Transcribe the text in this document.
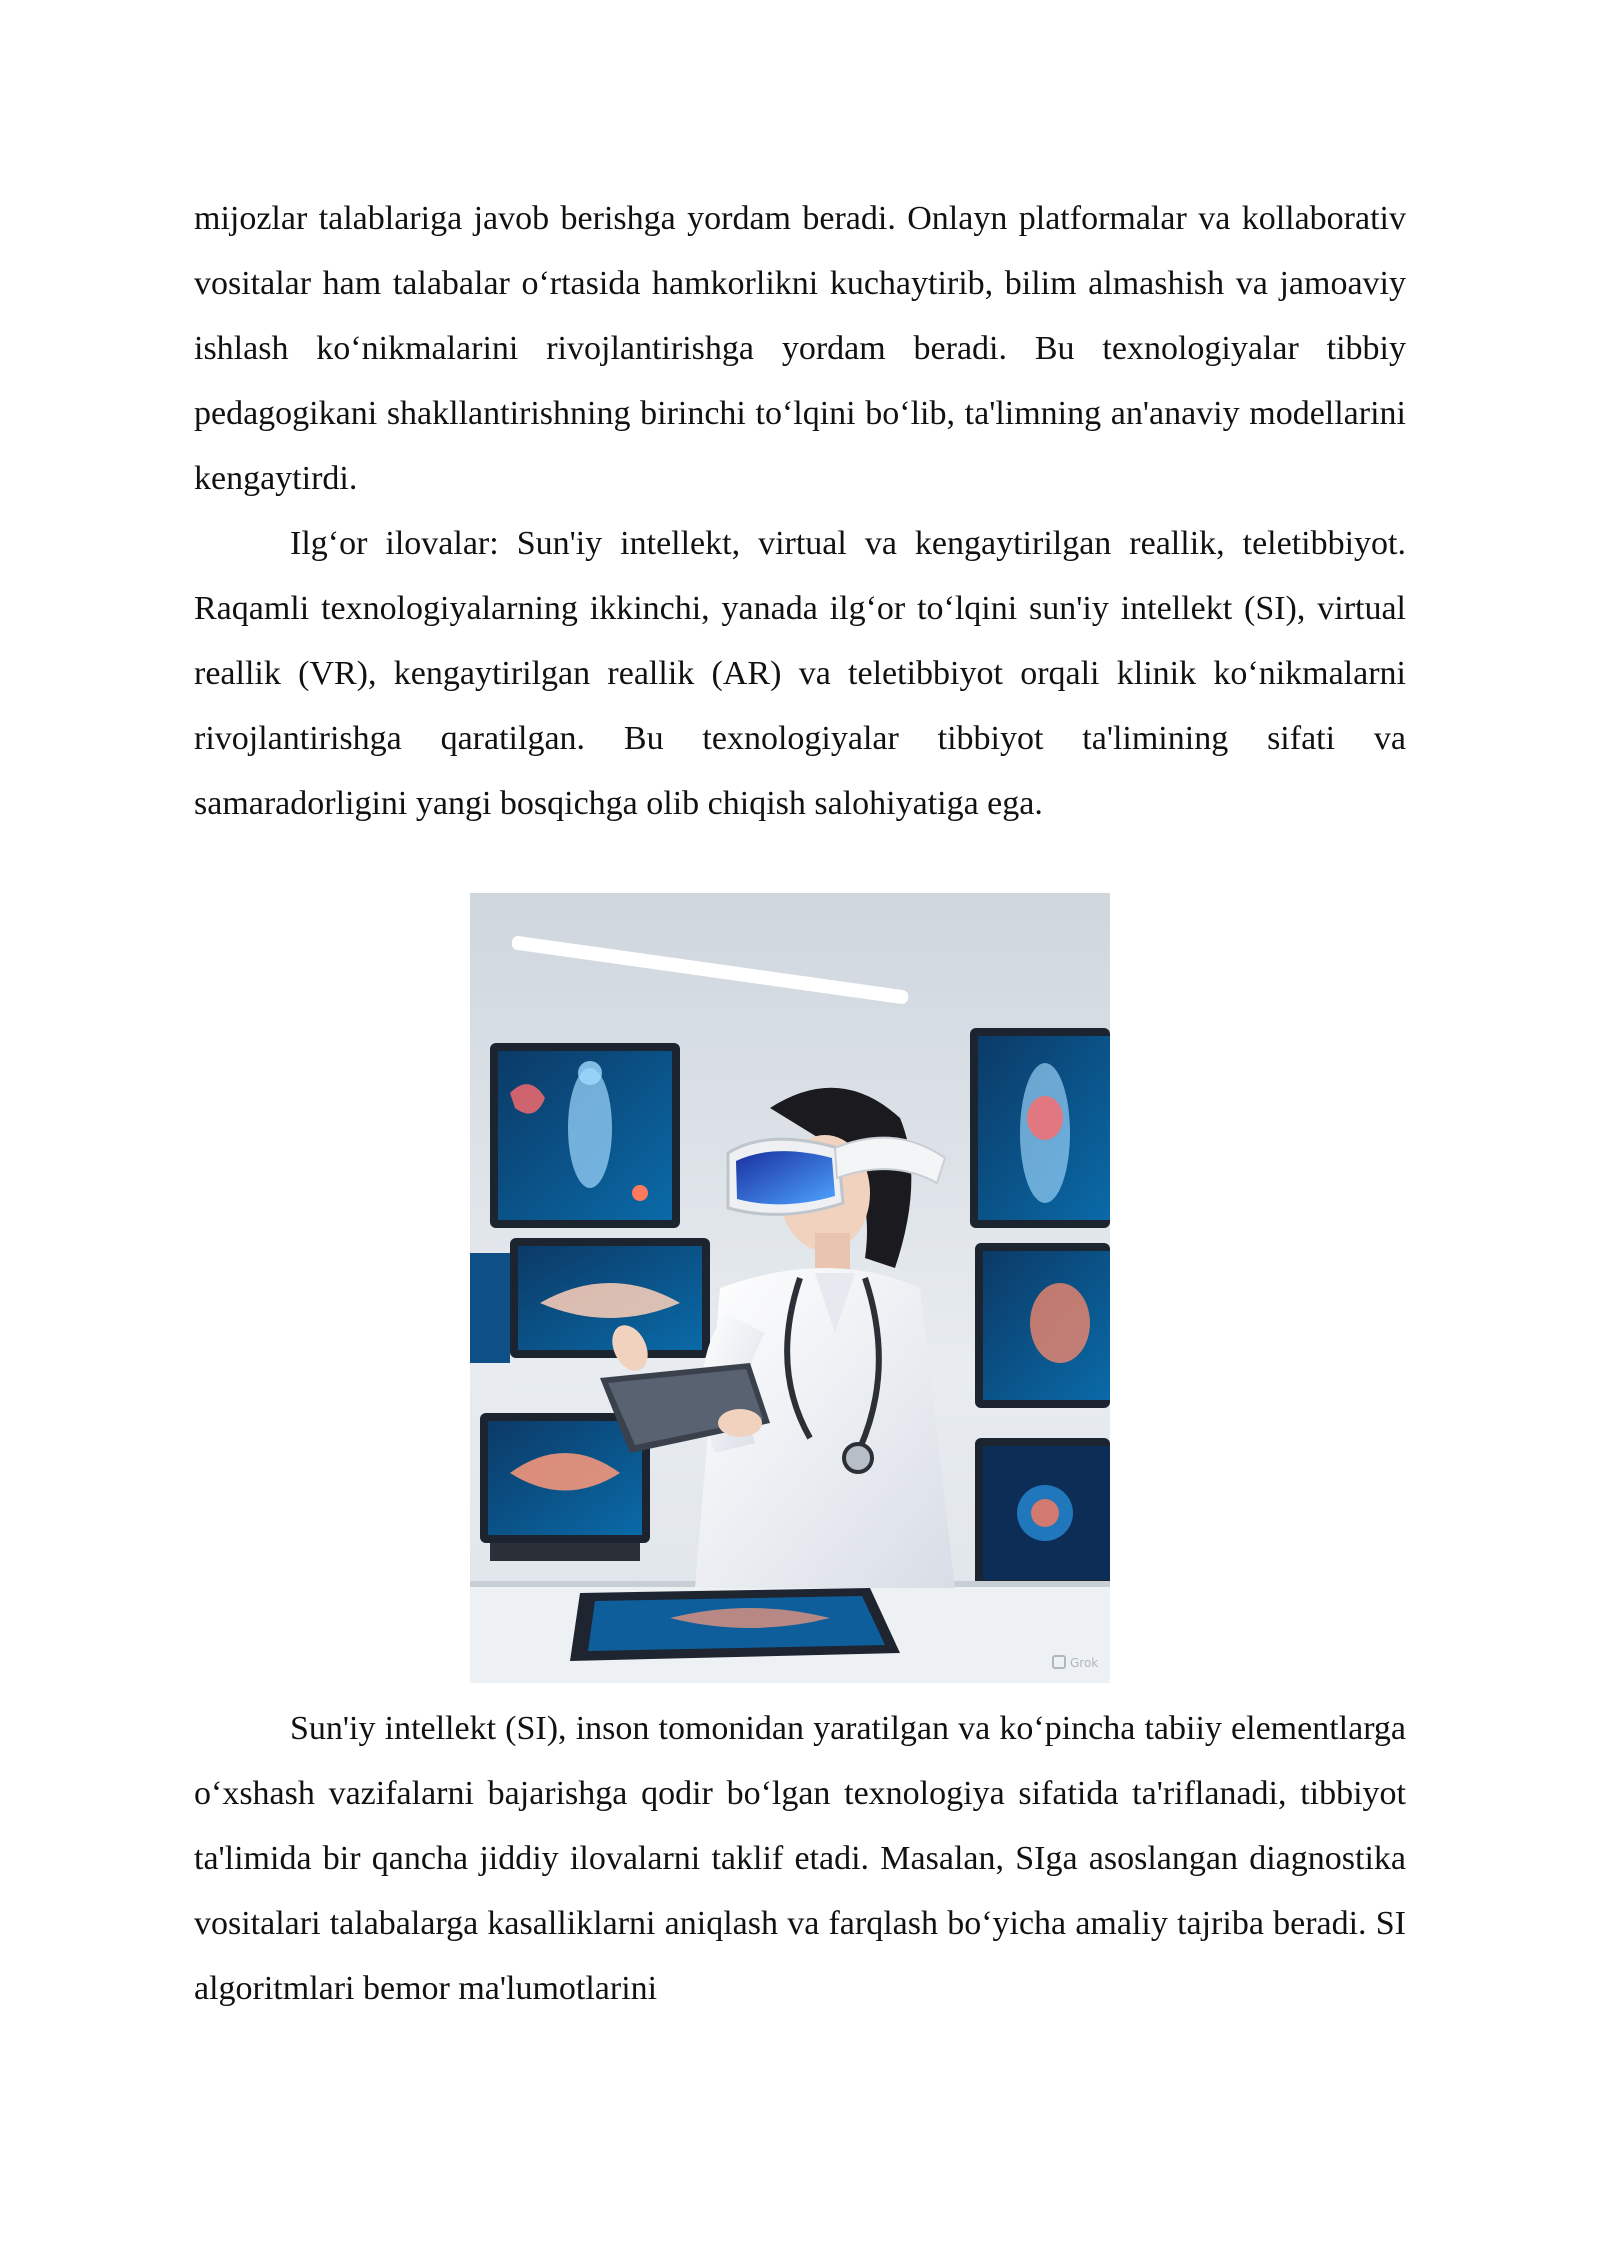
mijozlar talablariga javob berishga yordam beradi. Onlayn platformalar va kollaborativ vositalar ham talabalar o‘rtasida hamkorlikni kuchaytirib, bilim almashish va jamoaviy ishlash ko‘nikmalarini rivojlantirishga yordam beradi. Bu texnologiyalar tibbiy pedagogikani shakllantirishning birinchi to‘lqini bo‘lib, ta'limning an'anaviy modellarini kengaytirdi.

Ilg‘or ilovalar: Sun'iy intellekt, virtual va kengaytirilgan reallik, teletibbiyot. Raqamli texnologiyalarning ikkinchi, yanada ilg‘or to‘lqini sun'iy intellekt (SI), virtual reallik (VR), kengaytirilgan reallik (AR) va teletibbiyot orqali klinik ko‘nikmalarni rivojlantirishga qaratilgan. Bu texnologiyalar tibbiyot ta'limining sifati va samaradorligini yangi bosqichga olib chiqish salohiyatiga ega.

Grok

Sun'iy intellekt (SI), inson tomonidan yaratilgan va ko‘pincha tabiiy elementlarga o‘xshash vazifalarni bajarishga qodir bo‘lgan texnologiya sifatida ta'riflanadi, tibbiyot ta'limida bir qancha jiddiy ilovalarni taklif etadi. Masalan, SIga asoslangan diagnostika vositalari talabalarga kasalliklarni aniqlash va farqlash bo‘yicha amaliy tajriba beradi. SI algoritmlari bemor ma'lumotlarini
